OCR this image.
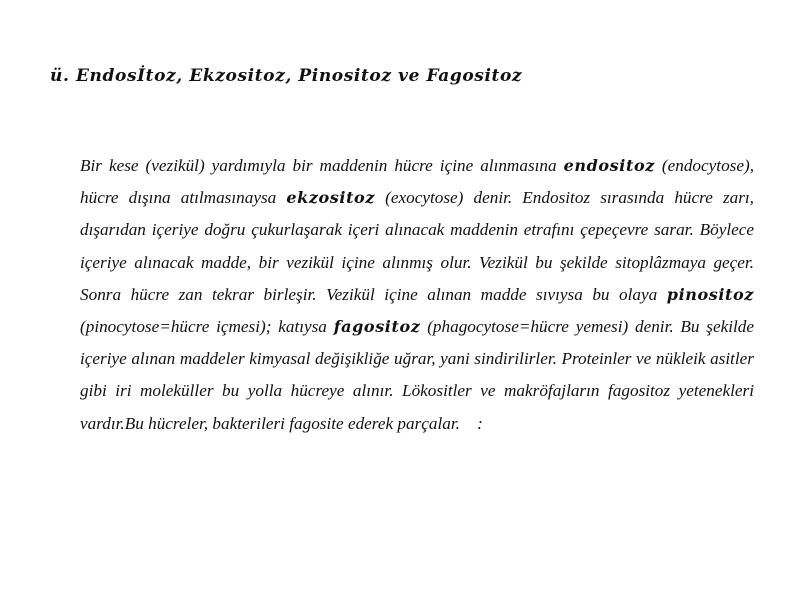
ü. Endosİtoz, Ekzositoz, Pinositoz ve Fagositoz

Bir kese (vezikül) yardımıyla bir maddenin hücre içine alınmasına endositoz (endocytose), hücre dışına atılmasınaysa ekzositoz (exocytose) denir. Endositoz sırasında hücre zarı, dışarıdan içeriye doğru çukurlaşarak içeri alınacak maddenin etrafını çepeçevre sarar. Böylece içeriye alınacak madde, bir vezikül içine alınmış olur. Vezikül bu şekilde sitoplâzmaya geçer. Sonra hücre zan tekrar birleşir. Vezikül içine alınan madde sıvıysa bu olaya pinositoz (pinocytose=hücre içmesi); katıysa fagositoz (phagocytose=hücre yemesi) denir. Bu şekilde içeriye alınan maddeler kimyasal değişikliğe uğrar, yani sindirilirler. Proteinler ve nükleik asitler gibi iri moleküller bu yolla hücreye alınır. Lökositler ve makröfajların fagositoz yetenekleri vardır.Bu hücreler, bakterileri fagosite ederek parçalar.    :
